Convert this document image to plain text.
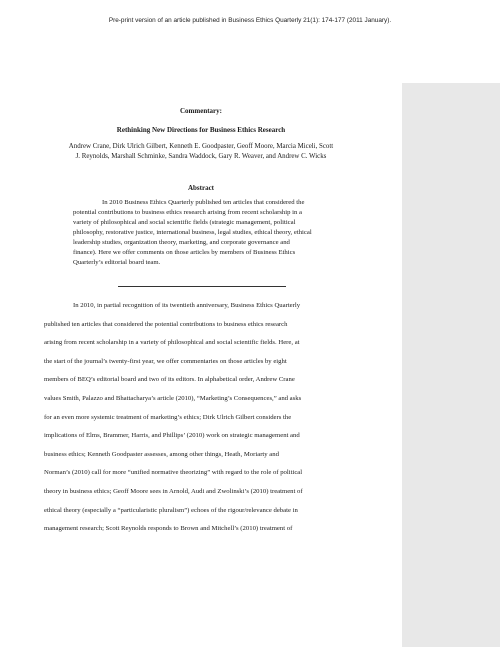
Pre-print version of an article published in Business Ethics Quarterly 21(1): 174-177 (2011 January).
Commentary:
Rethinking New Directions for Business Ethics Research
Andrew Crane, Dirk Ulrich Gilbert, Kenneth E. Goodpaster, Geoff Moore, Marcia Miceli, Scott
J. Reynolds, Marshall Schminke, Sandra Waddock, Gary R. Weaver, and Andrew C. Wicks
Abstract
In 2010 Business Ethics Quarterly published ten articles that considered the
potential contributions to business ethics research arising from recent scholarship in a
variety of philosophical and social scientific fields (strategic management, political
philosophy, restorative justice, international business, legal studies, ethical theory, ethical
leadership studies, organization theory, marketing, and corporate governance and
finance). Here we offer comments on those articles by members of Business Ethics
Quarterly’s editorial board team.
In 2010, in partial recognition of its twentieth anniversary, Business Ethics Quarterly
published ten articles that considered the potential contributions to business ethics research
arising from recent scholarship in a variety of philosophical and social scientific fields. Here, at
the start of the journal’s twenty-first year, we offer commentaries on those articles by eight
members of BEQ’s editorial board and two of its editors. In alphabetical order, Andrew Crane
values Smith, Palazzo and Bhattacharya’s article (2010), “Marketing’s Consequences,” and asks
for an even more systemic treatment of marketing’s ethics; Dirk Ulrich Gilbert considers the
implications of Elms, Brammer, Harris, and Phillips’ (2010) work on strategic management and
business ethics; Kenneth Goodpaster assesses, among other things, Heath, Moriarty and
Norman’s (2010) call for more “unified normative theorizing” with regard to the role of political
theory in business ethics; Geoff Moore sees in Arnold, Audi and Zwolinski’s (2010) treatment of
ethical theory (especially a “particularistic pluralism”) echoes of the rigour/relevance debate in
management research; Scott Reynolds responds to Brown and Mitchell’s (2010) treatment of
